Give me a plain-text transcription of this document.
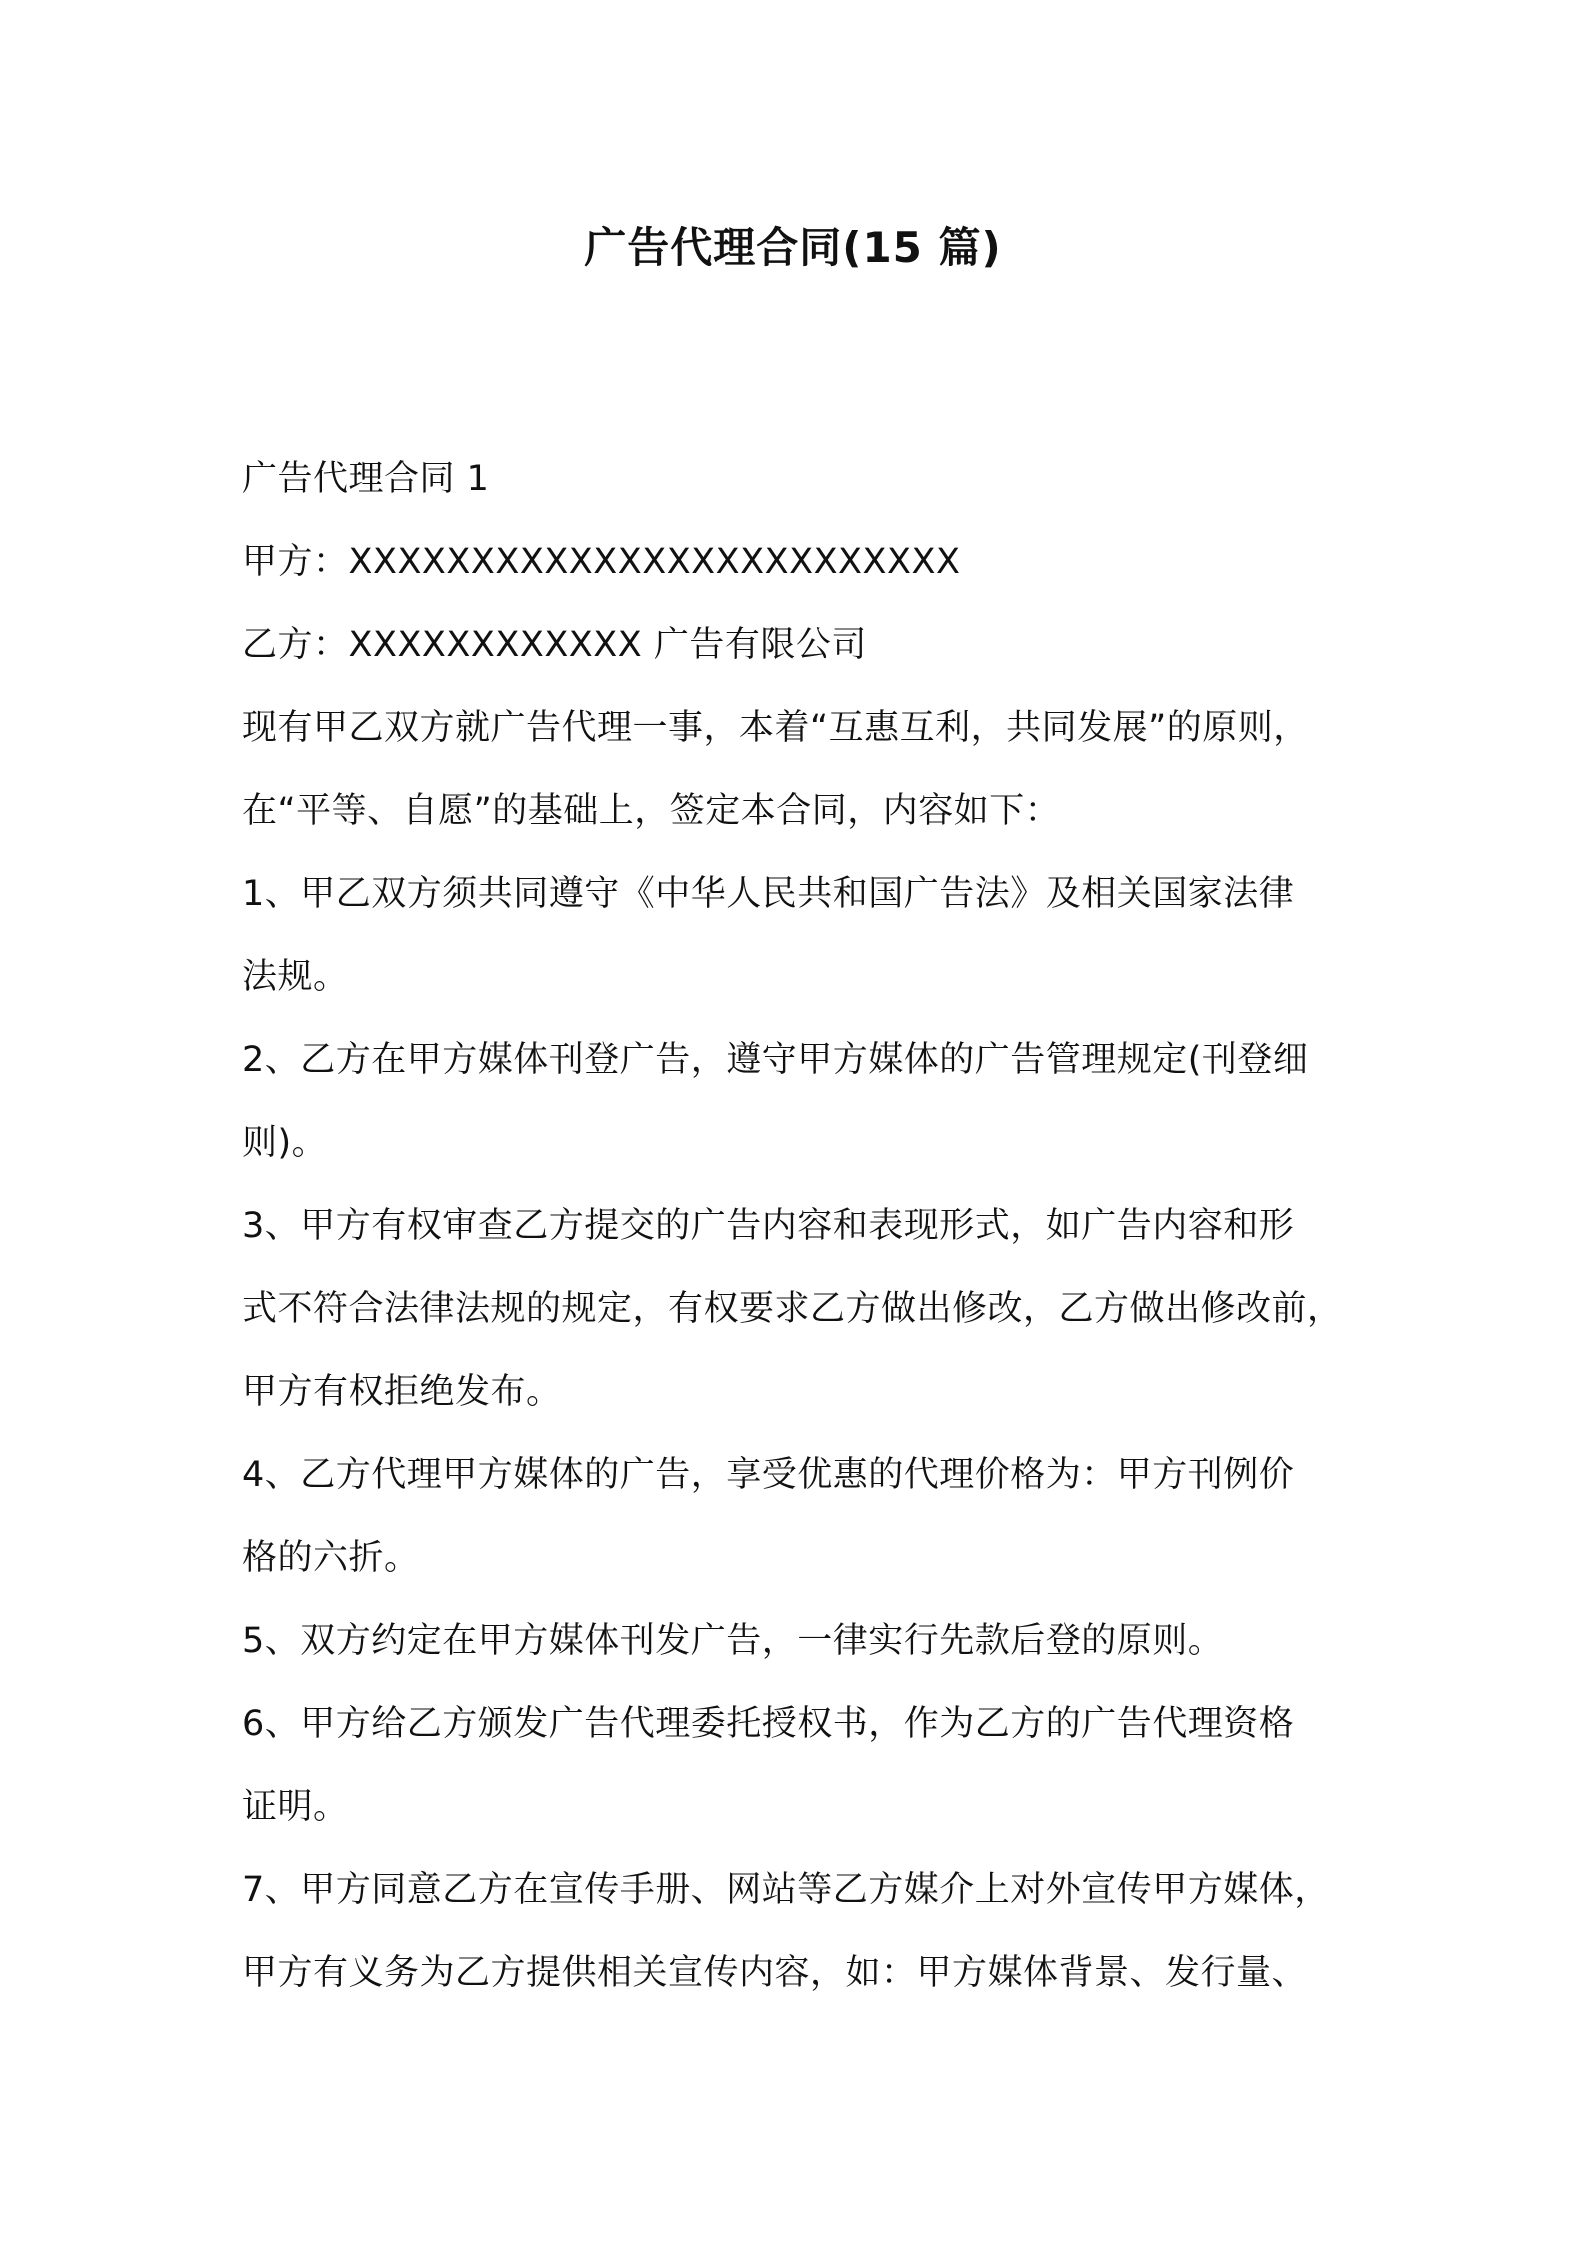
广告代理合同(15 篇)
广告代理合同 1
甲方：XXXXXXXXXXXXXXXXXXXXXXXXX
乙方：XXXXXXXXXXXX 广告有限公司
现有甲乙双方就广告代理一事，本着“互惠互利，共同发展”的原则，
在“平等、自愿”的基础上，签定本合同，内容如下：
1、甲乙双方须共同遵守《中华人民共和国广告法》及相关国家法律
法规。
2、乙方在甲方媒体刊登广告，遵守甲方媒体的广告管理规定(刊登细
则)。
3、甲方有权审查乙方提交的广告内容和表现形式，如广告内容和形
式不符合法律法规的规定，有权要求乙方做出修改，乙方做出修改前，
甲方有权拒绝发布。
4、乙方代理甲方媒体的广告，享受优惠的代理价格为：甲方刊例价
格的六折。
5、双方约定在甲方媒体刊发广告，一律实行先款后登的原则。
6、甲方给乙方颁发广告代理委托授权书，作为乙方的广告代理资格
证明。
7、甲方同意乙方在宣传手册、网站等乙方媒介上对外宣传甲方媒体，
甲方有义务为乙方提供相关宣传内容，如：甲方媒体背景、发行量、
